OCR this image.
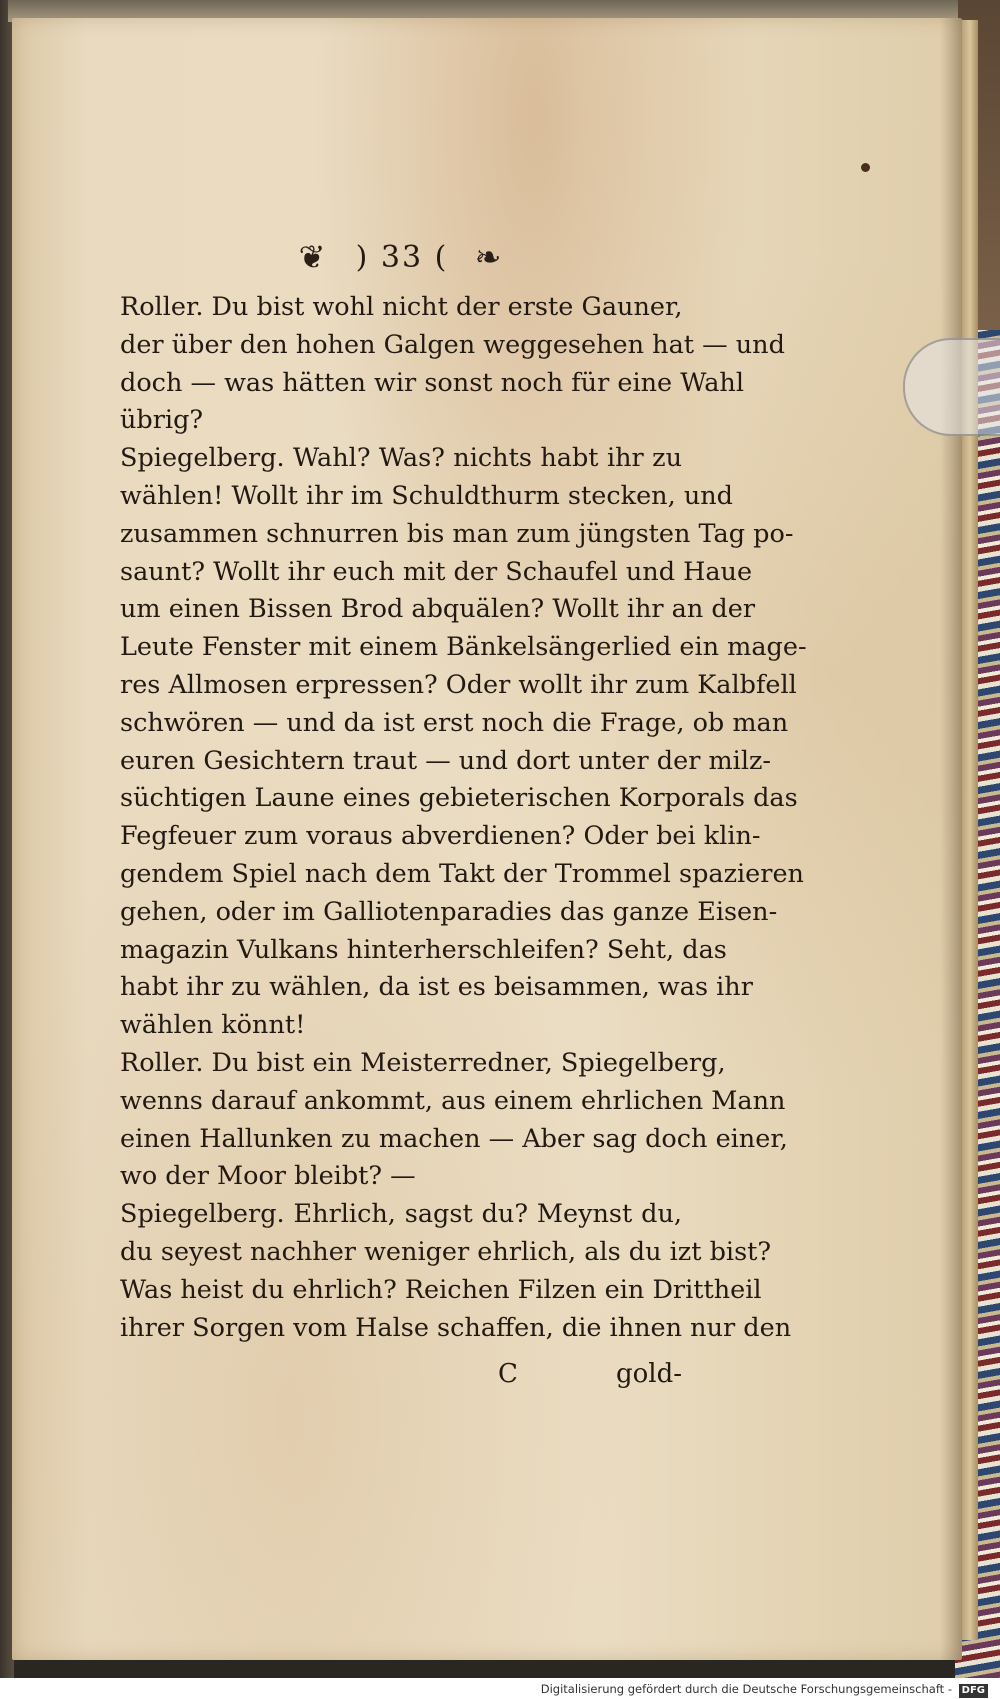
❦	) 33 ( ❧
Roller. Du bist wohl nicht der erste Gauner,
der über den hohen Galgen weggesehen hat — und
doch — was hätten wir sonst noch für eine Wahl
übrig?
Spiegelberg. Wahl? Was? nichts habt ihr zu
wählen! Wollt ihr im Schuldthurm stecken, und
zusammen schnurren bis man zum jüngsten Tag po-
saunt? Wollt ihr euch mit der Schaufel und Haue
um einen Bissen Brod abquälen? Wollt ihr an der
Leute Fenster mit einem Bänkelsängerlied ein mage-
res Allmosen erpressen? Oder wollt ihr zum Kalbfell
schwören — und da ist erst noch die Frage, ob man
euren Gesichtern traut — und dort unter der milz-
süchtigen Laune eines gebieterischen Korporals das
Fegfeuer zum voraus abverdienen? Oder bei klin-
gendem Spiel nach dem Takt der Trommel spazieren
gehen, oder im Galliotenparadies das ganze Eisen-
magazin Vulkans hinterherschleifen? Seht, das
habt ihr zu wählen, da ist es beisammen, was ihr
wählen könnt!
Roller. Du bist ein Meisterredner, Spiegelberg,
wenns darauf ankommt, aus einem ehrlichen Mann
einen Hallunken zu machen — Aber sag doch einer,
wo der Moor bleibt? —
Spiegelberg. Ehrlich, sagst du? Meynst du,
du seyest nachher weniger ehrlich, als du izt bist?
Was heist du ehrlich? Reichen Filzen ein Drittheil
ihrer Sorgen vom Halse schaffen, die ihnen nur den
C	gold-
Digitalisierung gefördert durch die Deutsche Forschungsgemeinschaft - DFG
